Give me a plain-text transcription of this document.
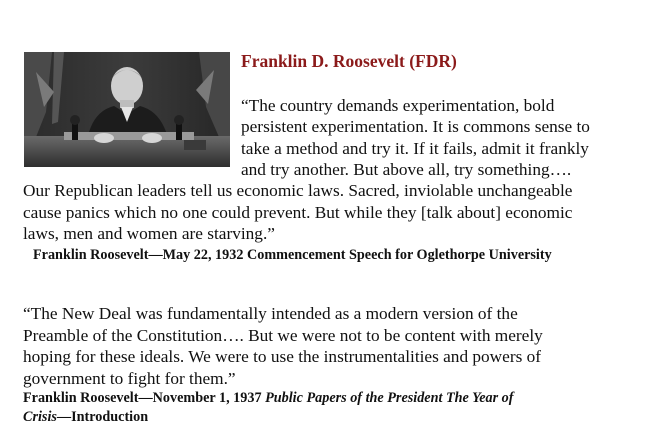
Franklin D. Roosevelt (FDR)
“The country demands experimentation, bold
persistent experimentation. It is commons sense to
take a method and try it. If it fails, admit it frankly
and try another. But above all, try something….
Our Republican leaders tell us economic laws. Sacred, inviolable unchangeable
cause panics which no one could prevent. But while they [talk about] economic
laws, men and women are starving.”
Franklin Roosevelt—May 22, 1932 Commencement Speech for Oglethorpe University
“The New Deal was fundamentally intended as a modern version of the
Preamble of the Constitution…. But we were not to be content with merely
hoping for these ideals. We were to use the instrumentalities and powers of
government to fight for them.”
Franklin Roosevelt—November 1, 1937 Public Papers of the President The Year of
Crisis—Introduction
